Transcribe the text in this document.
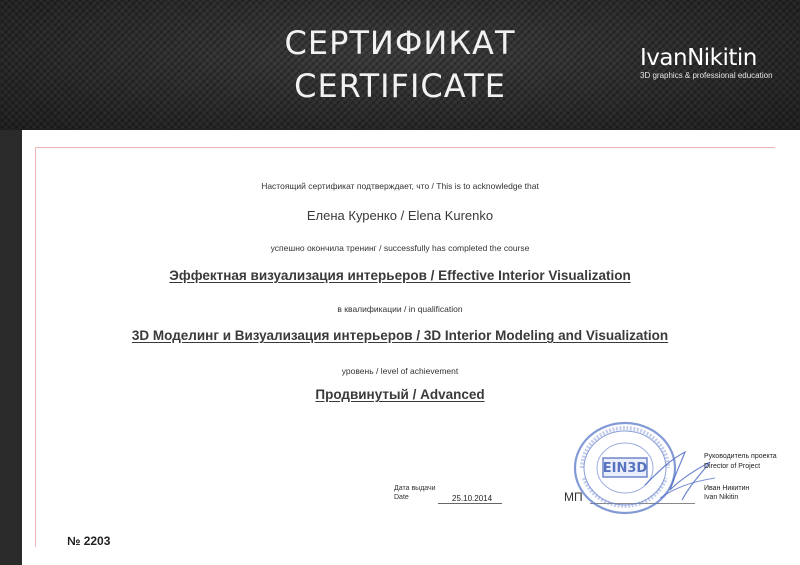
СЕРТИФИКАТ
CERTIFICATE
IvanNikitin
3D graphics & professional education
Настоящий сертификат подтверждает, что / This is to acknowledge that
Елена Куренко / Elena Kurenko
успешно окончила тренинг / successfully has completed the course
Эффектная визуализация интерьеров / Effective Interior Visualization
в квалификации / in qualification
3D Моделинг и Визуализация интерьеров / 3D Interior Modeling and Visualization
уровень / level of achievement
Продвинутый / Advanced
Дата выдачи
Date	25.10.2014	МП
EIN3D
Руководитель проекта
Director of Project
Иван Никитин
Ivan Nikitin
№ 2203
